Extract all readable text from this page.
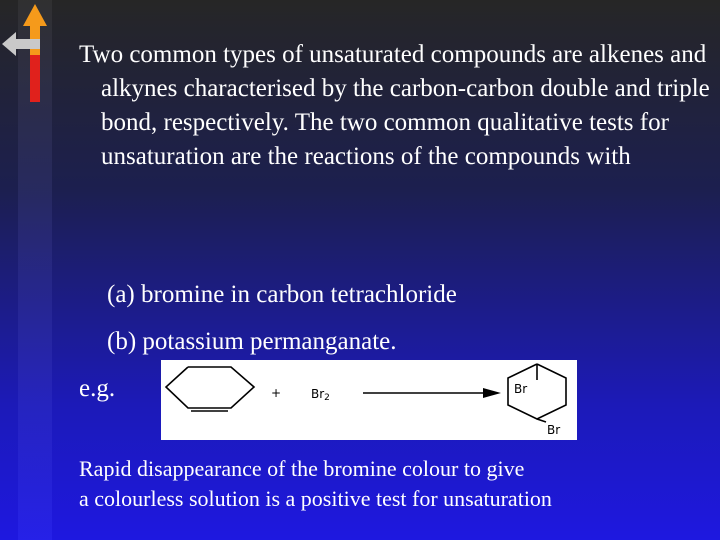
Two common types of unsaturated compounds are alkenes and alkynes characterised by the carbon-carbon double and triple bond, respectively. The two common qualitative tests for unsaturation are the reactions of the compounds with

(a) bromine in carbon tetrachloride

(b) potassium permanganate.

e.g.	+ Br2
Br
Br

Rapid disappearance of the bromine colour to give
a colourless solution is a positive test for unsaturation
